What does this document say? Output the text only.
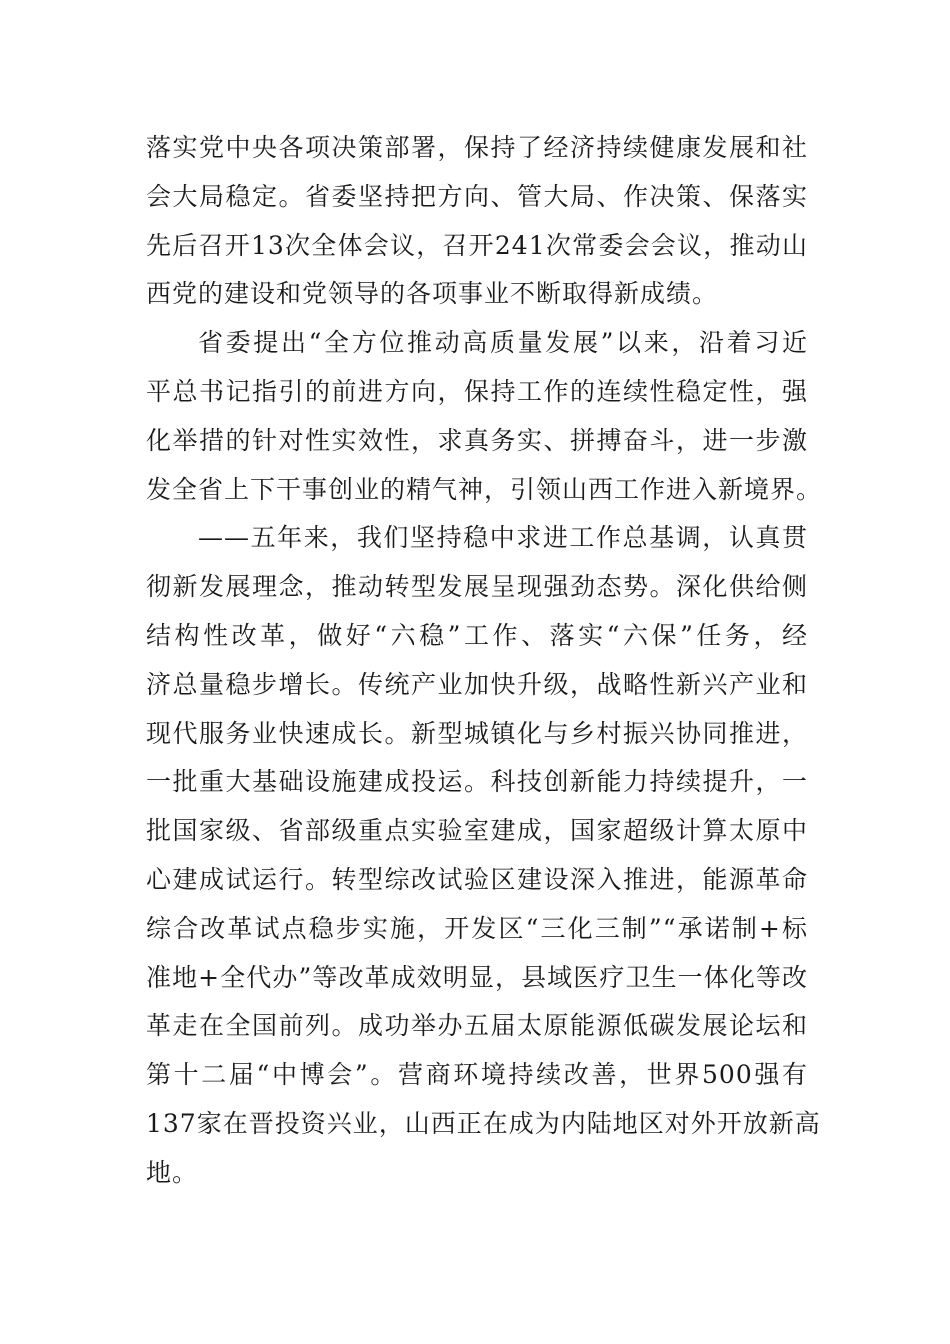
落实党中央各项决策部署，保持了经济持续健康发展和社
会大局稳定。省委坚持把方向、管大局、作决策、保落实
先后召开13次全体会议，召开241次常委会会议，推动山
西党的建设和党领导的各项事业不断取得新成绩。
省委提出“全方位推动高质量发展”以来，沿着习近
平总书记指引的前进方向，保持工作的连续性稳定性，强
化举措的针对性实效性，求真务实、拼搏奋斗，进一步激
发全省上下干事创业的精气神，引领山西工作进入新境界。
——五年来，我们坚持稳中求进工作总基调，认真贯
彻新发展理念，推动转型发展呈现强劲态势。深化供给侧
结构性改革，做好“六稳”工作、落实“六保”任务，经
济总量稳步增长。传统产业加快升级，战略性新兴产业和
现代服务业快速成长。新型城镇化与乡村振兴协同推进，
一批重大基础设施建成投运。科技创新能力持续提升，一
批国家级、省部级重点实验室建成，国家超级计算太原中
心建成试运行。转型综改试验区建设深入推进，能源革命
综合改革试点稳步实施，开发区“三化三制”“承诺制+标
准地+全代办”等改革成效明显，县域医疗卫生一体化等改
革走在全国前列。成功举办五届太原能源低碳发展论坛和
第十二届“中博会”。营商环境持续改善，世界500强有
137家在晋投资兴业，山西正在成为内陆地区对外开放新高
地。
